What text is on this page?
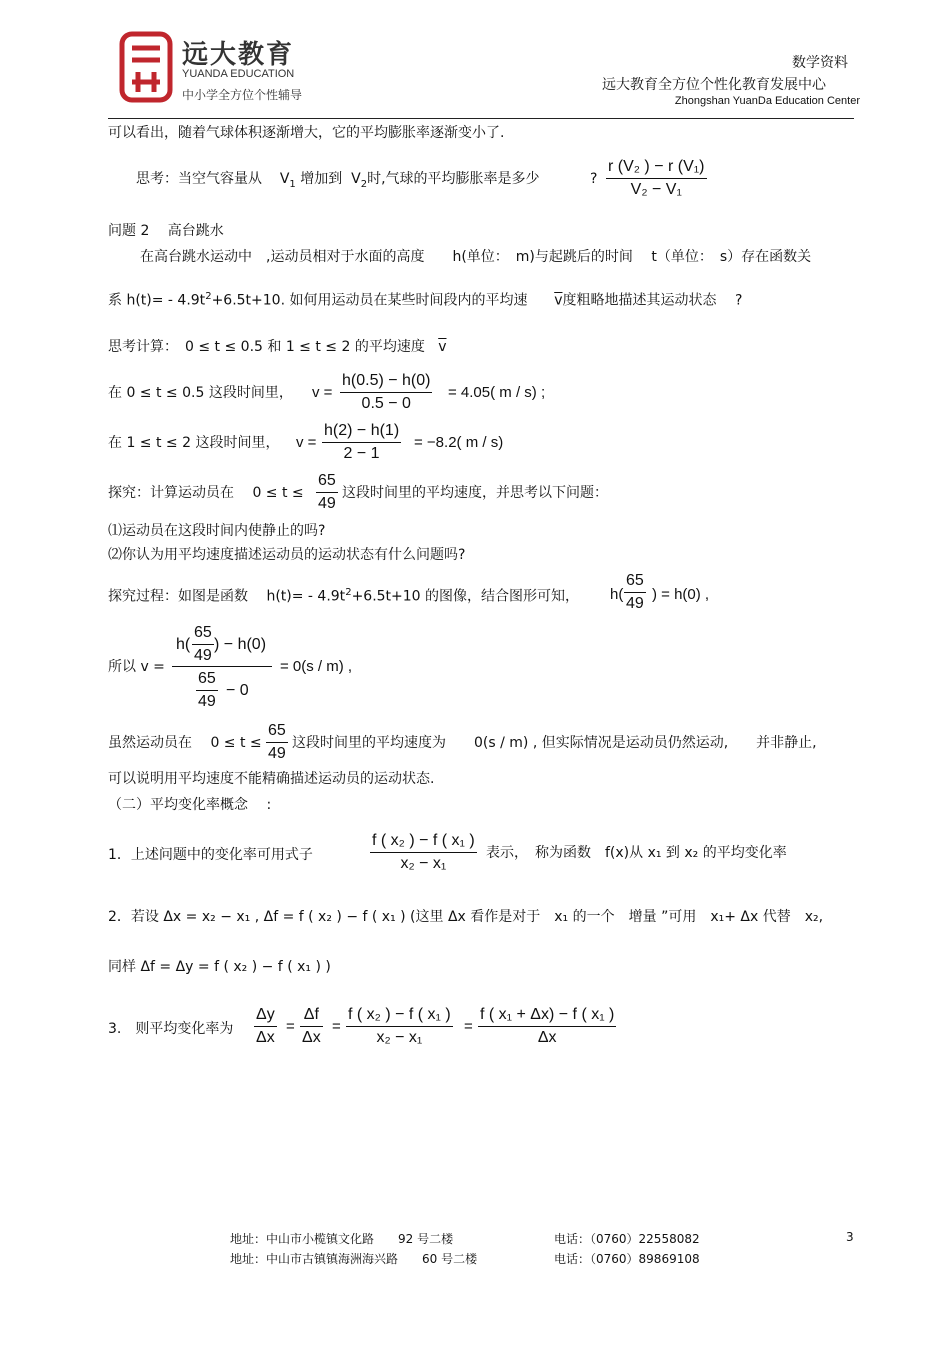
远大教育
YUANDA EDUCATION
中小学全方位个性辅导
数学资料
远大教育全方位个性化教育发展中心
Zhongshan YuanDa Education Center
可以看出，随着气球体积逐渐增大，它的平均膨胀率逐渐变小了.
思考：当空气容量从 $V_1$ 增加到 $V_2$时,气球的平均膨胀率是多少	?
r (V₂ ) − r (V₁)
V₂ − V₁
问题 2　 高台跳水
在高台跳水运动中　,运动员相对于水面的高度　　h(单位：　m)与起跳后的时间　 t（单位：　s）存在函数关
系 $h(t)= - 4.9t^2+6.5t+10$. 如何用运动员在某些时间段内的平均速 $\overline{v}$度粗略地描述其运动状态　 ?
思考计算：　0 ≤ t ≤ 0.5 和 1 ≤ t ≤ 2 的平均速度 $\overline{v}$
在 0 ≤ t ≤ 0.5 这段时间里， v =
h(0.5) − h(0)
0.5 − 0
= 4.05( m / s) ;
在 1 ≤ t ≤ 2 这段时间里， v =
h(2) − h(1)
2 − 1
= −8.2( m / s)
探究：计算运动员在　 0 ≤ t ≤
65
49
这段时间里的平均速度，并思考以下问题：
⑴运动员在这段时间内使静止的吗?
⑵你认为用平均速度描述运动员的运动状态有什么问题吗?
探究过程：如图是函数　 $h(t)= - 4.9t^2+6.5t+10$ 的图像，结合图形可知， h(
65
49
) = h(0) ,
所以 v =
h(
65
49
) − h(0)
65
49
− 0
= 0(s / m) ,
虽然运动员在　 0 ≤ t ≤
65
49
这段时间里的平均速度为　　0(s / m) , 但实际情况是运动员仍然运动,　　并非静止,
可以说明用平均速度不能精确描述运动员的运动状态.
（二）平均变化率概念　 :
1．上述问题中的变化率可用式子
f ( x₂ ) − f ( x₁ )
x₂ − x₁
表示，　称为函数　f(x)从 x₁ 到 x₂ 的平均变化率
2．若设 Δx = x₂ − x₁ , Δf = f ( x₂ ) − f ( x₁ ) (这里 Δx 看作是对于　x₁ 的一个　增量 ”可用　x₁+ Δx 代替　x₂,
同样 Δf = Δy = f ( x₂ ) − f ( x₁ ) )
3.　则平均变化率为
Δy
Δx
=
Δf
Δx
=
f ( x₂ ) − f ( x₁ )
x₂ − x₁
=
f ( x₁ + Δx) − f ( x₁ )
Δx
地址：中山市小榄镇文化路　　92 号二楼	电话：（0760）22558082	3
地址：中山市古镇镇海洲海兴路　　60 号二楼	电话：（0760）89869108
